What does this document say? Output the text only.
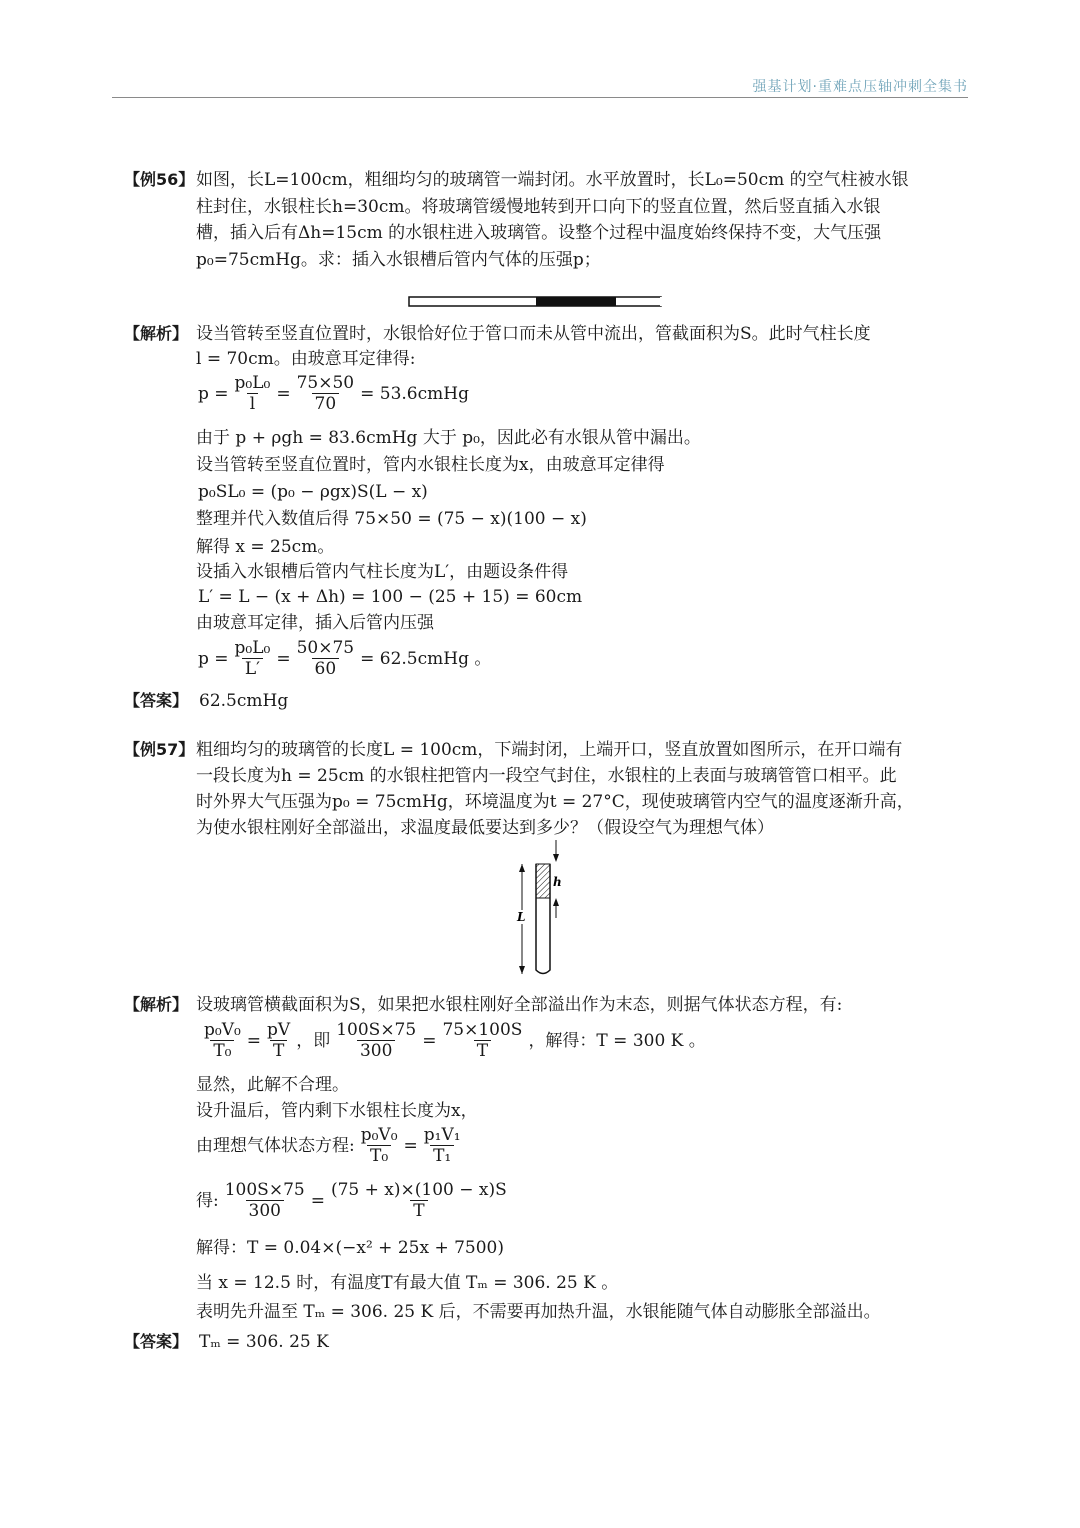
强基计划·重难点压轴冲刺全集书
【例56】 如图，长L=100cm，粗细均匀的玻璃管一端封闭。水平放置时，长L₀=50cm 的空气柱被水银
柱封住，水银柱长h=30cm。将玻璃管缓慢地转到开口向下的竖直位置，然后竖直插入水银
槽，插入后有Δh=15cm 的水银柱进入玻璃管。设整个过程中温度始终保持不变，大气压强
p₀=75cmHg。求：插入水银槽后管内气体的压强p；
【解析】 设当管转至竖直位置时，水银恰好位于管口而未从管中流出，管截面积为S。此时气柱长度
l = 70cm。由玻意耳定律得:
$p = \frac{\text{p₀L₀}}{l} = \frac{75\times 50}{70}$ = 53.6cmHg
由于 p + ρgh = 83.6cmHg 大于 p₀，因此必有水银从管中漏出。
设当管转至竖直位置时，管内水银柱长度为x，由玻意耳定律得
p₀SL₀ = (p₀ − ρgx)S(L − x)
整理并代入数值后得 75×50 = (75 − x)(100 − x)
解得 x = 25cm。
设插入水银槽后管内气柱长度为L′，由题设条件得
L′ = L − (x + Δh) = 100 − (25 + 15) = 60cm
由玻意耳定律，插入后管内压强
$p = \frac{\text{p₀L₀}}{L'} = \frac{50\times 75}{60}$ = 62.5cmHg 。
【答案】 62.5cmHg
【例57】 粗细均匀的玻璃管的长度L = 100cm，下端封闭，上端开口，竖直放置如图所示，在开口端有
一段长度为h = 25cm 的水银柱把管内一段空气封住，水银柱的上表面与玻璃管管口相平。此
时外界大气压强为p₀ = 75cmHg，环境温度为t = 27°C，现使玻璃管内空气的温度逐渐升高，
为使水银柱刚好全部溢出，求温度最低要达到多少？（假设空气为理想气体）
h
L
【解析】 设玻璃管横截面积为S，如果把水银柱刚好全部溢出作为末态，则据气体状态方程，有:
$\frac{\text{p₀V₀}}{\text{T₀}} = \frac{pV}{T}$ ，即 $\frac{100S\times 75}{300} = \frac{75\times 100S}{T}$ ，解得：T = 300 K 。
显然，此解不合理。
设升温后，管内剩下水银柱长度为x，
由理想气体状态方程: $\frac{\text{p₀V₀}}{\text{T₀}} = \frac{\text{p₁V₁}}{\text{T₁}}$
得: $\frac{100S\times 75}{300} = \frac{(75 + x)\times(100 - x)S}{T}$
解得：T = 0.04×(−x² + 25x + 7500)
当 x = 12.5 时，有温度T有最大值 Tₘ = 306. 25 K 。
表明先升温至 Tₘ = 306. 25 K 后，不需要再加热升温，水银能随气体自动膨胀全部溢出。
【答案】 Tₘ = 306. 25 K
